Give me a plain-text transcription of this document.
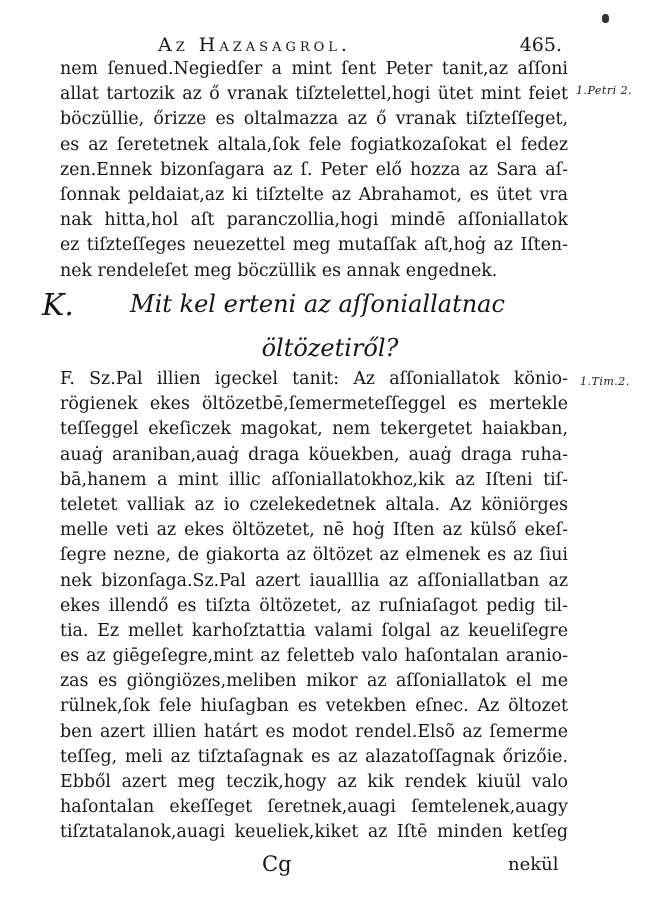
Az Hazasagrol.	465.
1.Petri 2.
nem ſenued.Negiedſer a mint ſent Peter tanit,az aſſoni
allat tartozik az ő vranak tiſztelettel,hogi ütet mint feiet
böczüllie, őrizze es oltalmazza az ő vranak tiſzteſſeget,
es az ſeretetnek altala,ſok fele fogiatkozaſokat el fedez
zen.Ennek bizonſagara az ſ. Peter elő hozza az Sara aſ-
ſonnak peldaiat,az ki tiſztelte az Abrahamot, es ütet vra
nak hitta,hol aſt paranczollia,hogi mindē aſſoniallatok
ez tiſzteſſeges neuezettel meg mutaſſak aſt,hoġ az Iſten-
nek rendeleſet meg böczüllik es annak engednek.
K. Mit kel erteni az aſſoniallatnac
öltözetiről?
1.Tim.2.
F. Sz.Pal illien igeckel tanit: Az aſſoniallatok könio-
rögienek ekes öltözetbē,ſemermeteſſeggel es mertekle
teſſeggel ekeſiczek magokat, nem tekergetet haiakban,
auaġ araniban,auaġ draga köuekben, auaġ draga ruha-
bā,hanem a mint illic aſſoniallatokhoz,kik az Iſteni tiſ-
teletet valliak az io czelekedetnek altala. Az köniörges
melle veti az ekes öltözetet, nē hoġ Iſten az külső ekeſ-
ſegre nezne, de giakorta az öltözet az elmenek es az ſiui
nek bizonſaga.Sz.Pal azert iaualllia az aſſoniallatban az
ekes illendő es tiſzta öltözetet, az ruſniaſagot pedig til-
tia. Ez mellet karhoſztattia valami ſolgal az keueliſegre
es az giēgeſegre,mint az feletteb valo haſontalan aranio-
zas es giöngiözes,meliben mikor az aſſoniallatok el me
rülnek,ſok fele hiuſagban es vetekben eſnec. Az öltozet
ben azert illien határt es modot rendel.Elsõ az ſemerme
teſſeg, meli az tiſztaſagnak es az alazatoſſagnak őrizőie.
Ebből azert meg teczik,hogy az kik rendek kiuül valo
haſontalan ekeſſeget ſeretnek,auagi ſemtelenek,auagy
tiſztatalanok,auagi keueliek,kiket az Iſtē minden ketſeg
Cg	nekül
